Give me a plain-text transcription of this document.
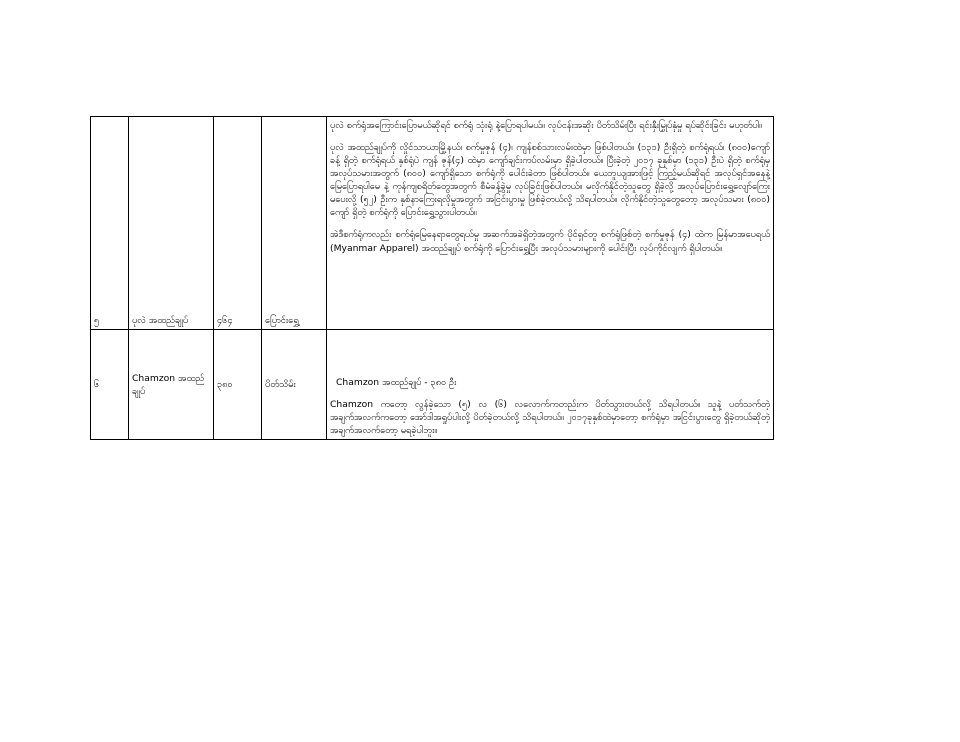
၅	ပုလဲ အထည်ချုပ်	၄၆၄	ပြောင်းရွှေ့	ပုလဲ စက်ရုံအကြောင်းပြောမယ်ဆိုရင် စက်ရုံ သုံးရုံ နဲ့ပြောရပါမယ်။ လုပ်ငန်းအဆိုး ပိတ်သိမ်းပြီး ရင်းနှီးမြှုပ်နှံမှု ရပ်ဆိုင်းခြင်း မဟုတ်ပါ။

ပုလဲ အထည်ချုပ်ကို လှိုင်သာယာမြို့နယ်၊ စက်မှုဇုန် (၄)၊ ကျန်စစ်သားလမ်းထဲမှာ ဖြစ်ပါတယ်။ (၁၃၁) ဦးရှိတဲ့ စက်ရုံရယ်၊ (၈၀၀)ကျော်ခန့် ရှိတဲ့ စက်ရုံရယ် နှစ်ရုံပဲ ကျန် ဇုန်(၄) ထဲမှာ ကျော်ချင်းကပ်လမ်းမှာ ရှိခဲ့ပါတယ်။ ပြီးခဲ့တဲ့ ၂၀၁၇ ခုနှစ်မှာ (၁၃၁) ဦးပဲ ရှိတဲ့ စက်ရုံမှ အလုပ်သမားအတွက် (၈၀၀) ကျော်ရှိသော စက်ရုံကို ပေါင်းခဲတာ ဖြစ်ပါတယ်။ ယေဘူယျအားဖြင့် ကြည့်မယ်ဆိုရင် အလုပ်ရှင်အနေနဲ့ မြေပြောရပါမေ နဲ့ ကုန်ကျစရိတ်တွေအတွက် စီမံခန့်ခွဲမှု လုပ်ခြင်းဖြစ်ပါတယ်။ မလိုက်နိုင်တဲ့သူတွေ ရှိခဲ့လို့ အလုပ်ပြောင်းရွှေ့လျော်ကြေး မပေးလို့ (၅၂) ဦးက နှစ်နာကြေးရလိုမှုအတွက် အငြင်းပွားမှု ဖြစ်ခဲ့တယ်လို့ သိရပါတယ်။ လိုက်နိုင်တဲ့သူတွေတော့ အလုပ်သမား (၈၀၀) ကျော် ရှိတဲ့ စက်ရုံကို ပြောင်းရွှေ့သွားပါတယ်။

အဲဒီစက်ရုံကလည်း စက်ရုံမြေနေရာတွေရယ်မှု အဆက်အခဲရှိတဲ့အတွက် ပိုင်ရှင်တူ စက်ရုံဖြစ်တဲ့ စက်မှုဇုန် (၄) ထဲက မြန်မာအပေရယ် (Myanmar Apparel) အထည်ချုပ် စက်ရုံကို ပြောင်းရွှေ့ပြီး အလုပ်သမားများကို ပေါင်းပြီး လုပ်ကိုင်လျက် ရှိပါတယ်။

၆	Chamzon အထည်ချုပ်	၃၈၀	ပိတ်သိမ်း	Chamzon အထည်ချုပ် - ၃၈၀ ဦး

Chamzon ကတော့ လွန်ခဲ့သော (၅) လ (၆) လလောက်ကတည်းက ပိတ်သွားတယ်လို့ သိရပါတယ်။ သူနဲ့ ပတ်သက်တဲ့ အချက်အလက်ကတော့ အော်ဒါအရှုပ်ပါးလို့ ပိတ်ခဲ့တယ်လို့ သိရပါတယ်။ ၂၀၁၇ခုနှစ်ထဲမှာတော့ စက်ရုံမှာ အငြင်းပွားတွေ ရှိခဲ့တယ်ဆိုတဲ့ အချက်အလက်တော့ မရခဲ့ပါဘူး။
